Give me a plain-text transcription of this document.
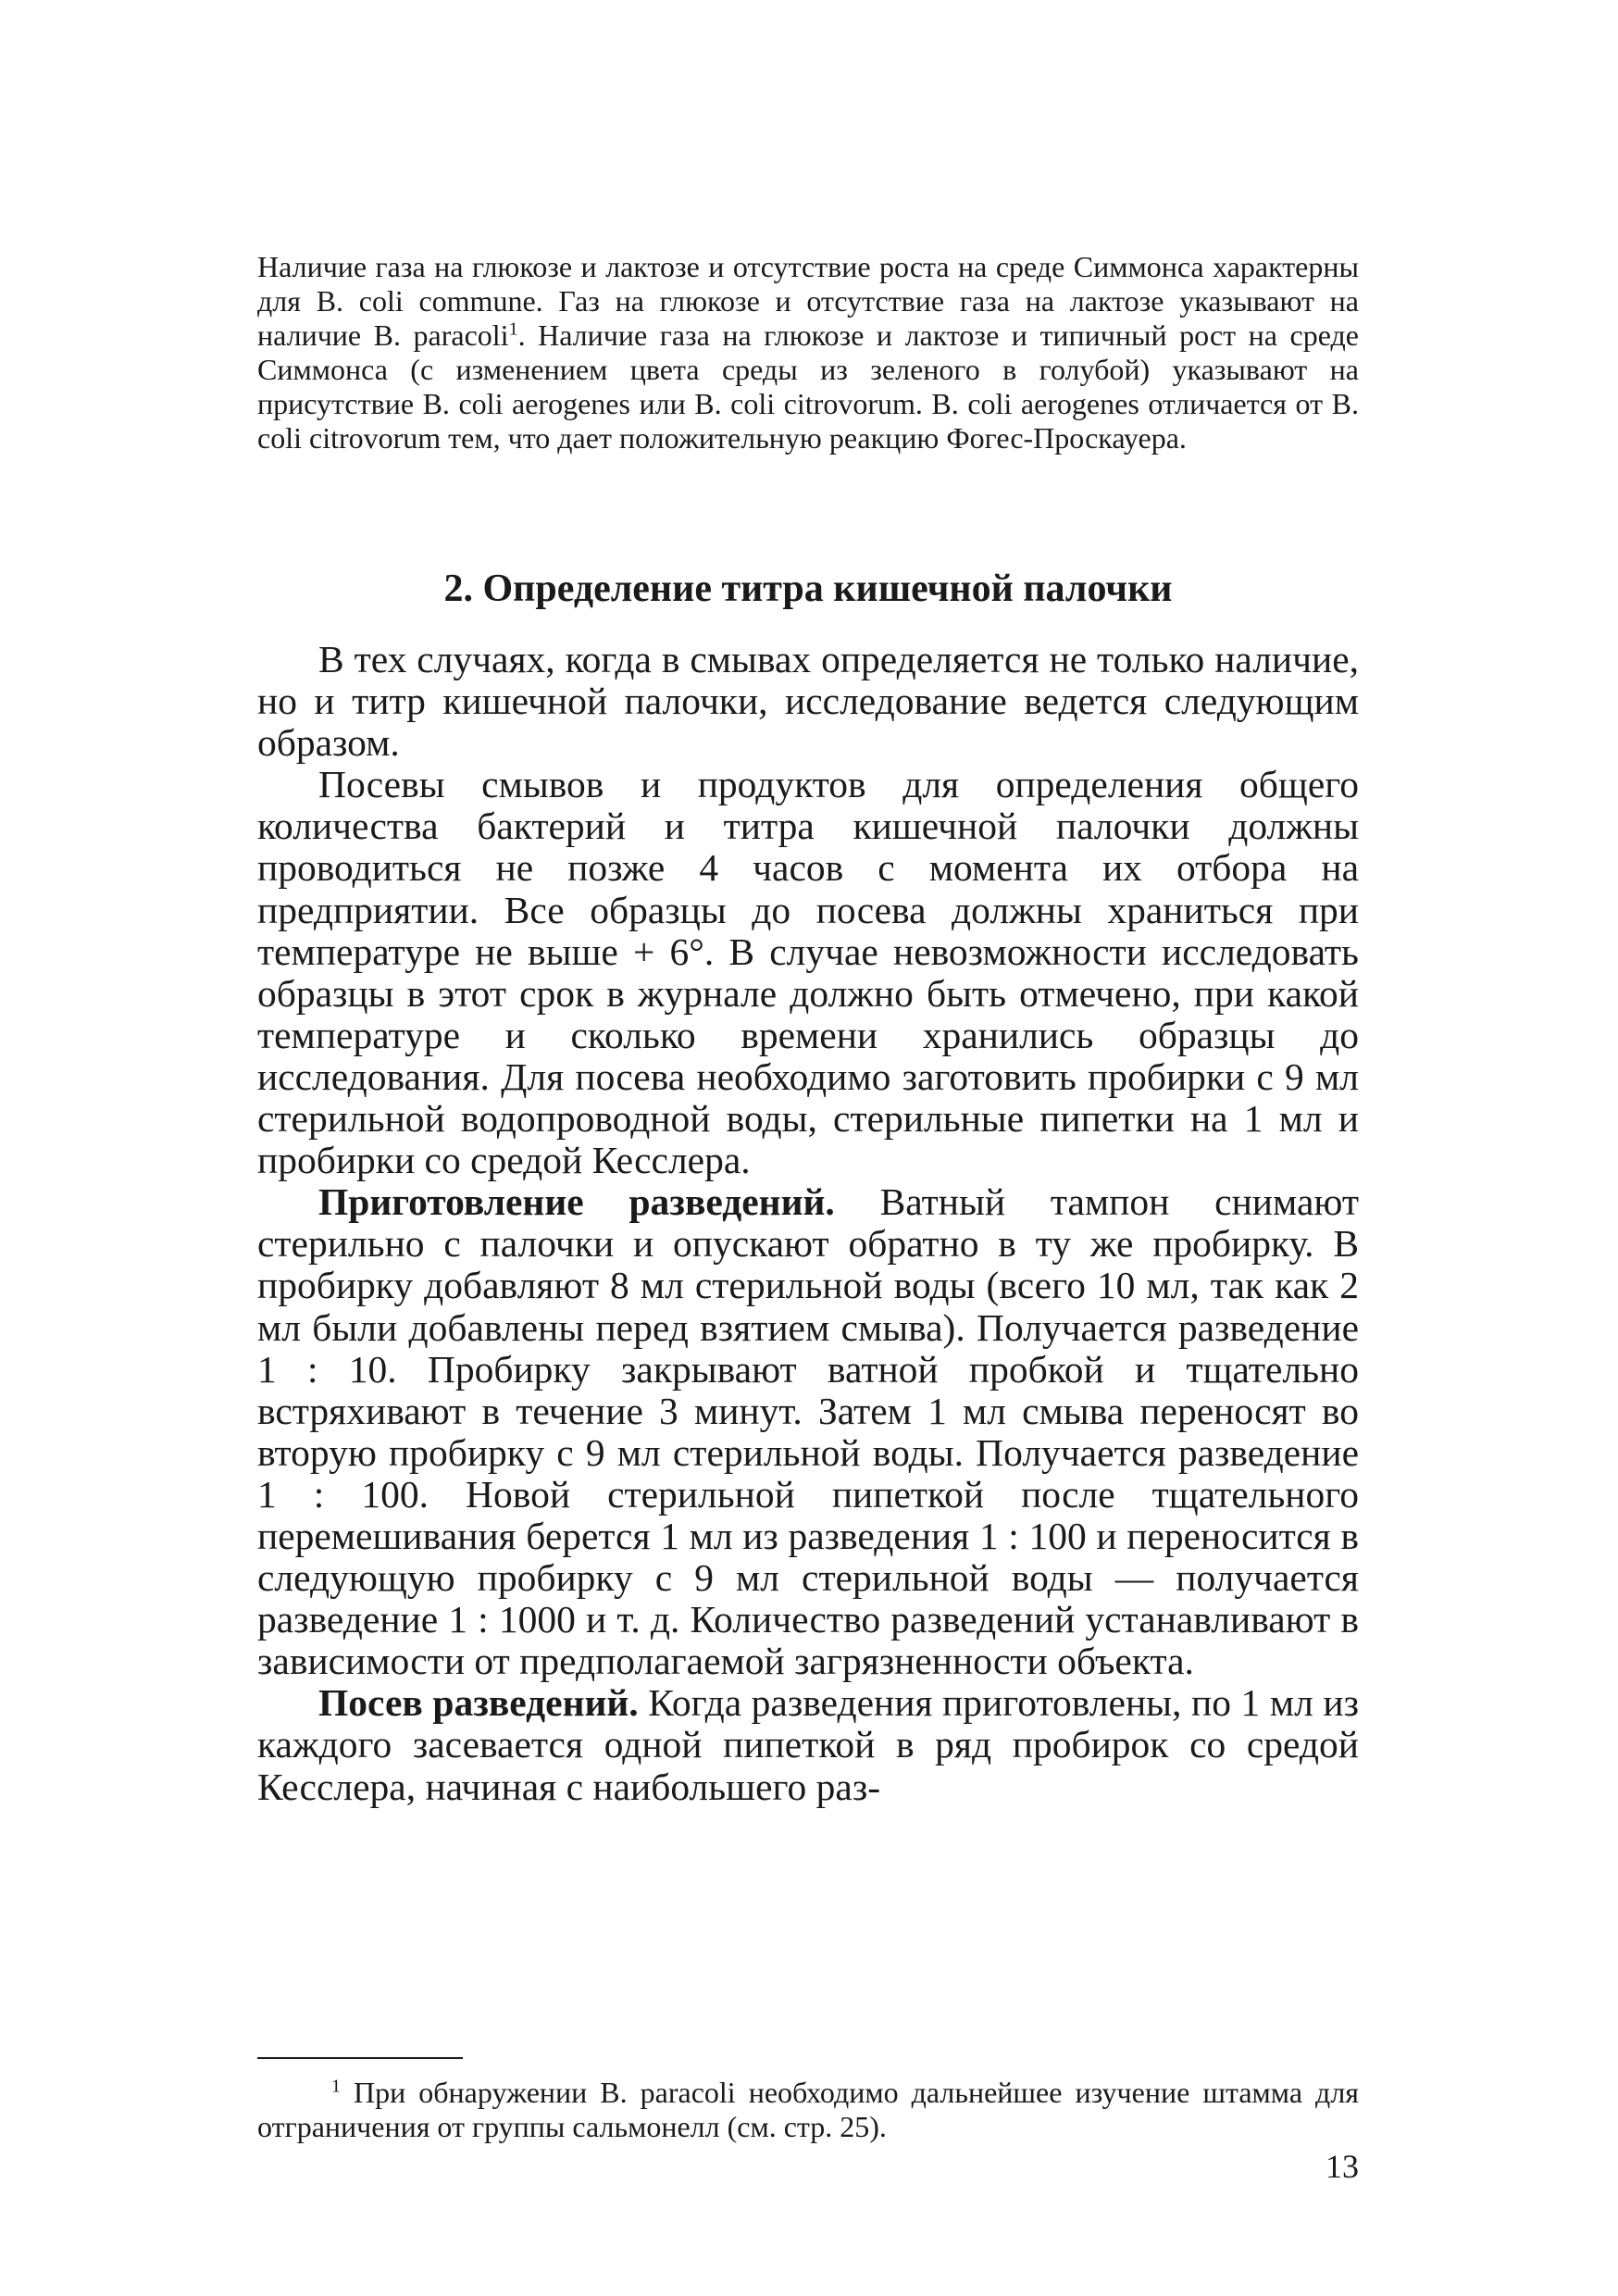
Наличие газа на глюкозе и лактозе и отсутствие роста на среде Симмонса характерны для B. coli commune. Газ на глюкозе и отсутствие газа на лактозе указывают на наличие B. paracoli$^1$. Наличие газа на глюкозе и лактозе и типичный рост на среде Симмонса (с изменением цвета среды из зеленого в голубой) указывают на присутствие B. coli aerogenes или B. coli citrovorum. B. coli aerogenes отличается от B. coli citrovorum тем, что дает положительную реакцию Фогес-Проскауера.

2. Определение титра кишечной палочки

В тех случаях, когда в смывах определяется не только наличие, но и титр кишечной палочки, исследование ведется следующим образом.

Посевы смывов и продуктов для определения общего количества бактерий и титра кишечной палочки должны проводиться не позже 4 часов с момента их отбора на предприятии. Все образцы до посева должны храниться при температуре не выше + 6°. В случае невозможности исследовать образцы в этот срок в журнале должно быть отмечено, при какой температуре и сколько времени хранились образцы до исследования. Для посева необходимо заготовить пробирки с 9 мл стерильной водопроводной воды, стерильные пипетки на 1 мл и пробирки со средой Кесслера.

Приготовление разведений. Ватный тампон снимают стерильно с палочки и опускают обратно в ту же пробирку. В пробирку добавляют 8 мл стерильной воды (всего 10 мл, так как 2 мл были добавлены перед взятием смыва). Получается разведение 1 : 10. Пробирку закрывают ватной пробкой и тщательно встряхивают в течение 3 минут. Затем 1 мл смыва переносят во вторую пробирку с 9 мл стерильной воды. Получается разведение 1 : 100. Новой стерильной пипеткой после тщательного перемешивания берется 1 мл из разведения 1 : 100 и переносится в следующую пробирку с 9 мл стерильной воды — получается разведение 1 : 1000 и т. д. Количество разведений устанавливают в зависимости от предполагаемой загрязненности объекта.

Посев разведений. Когда разведения приготовлены, по 1 мл из каждого засевается одной пипеткой в ряд пробирок со средой Кесслера, начиная с наибольшего раз-

$^1$ При обнаружении B. paracoli необходимо дальнейшее изучение штамма для отграничения от группы сальмонелл (см. стр. 25).

13
